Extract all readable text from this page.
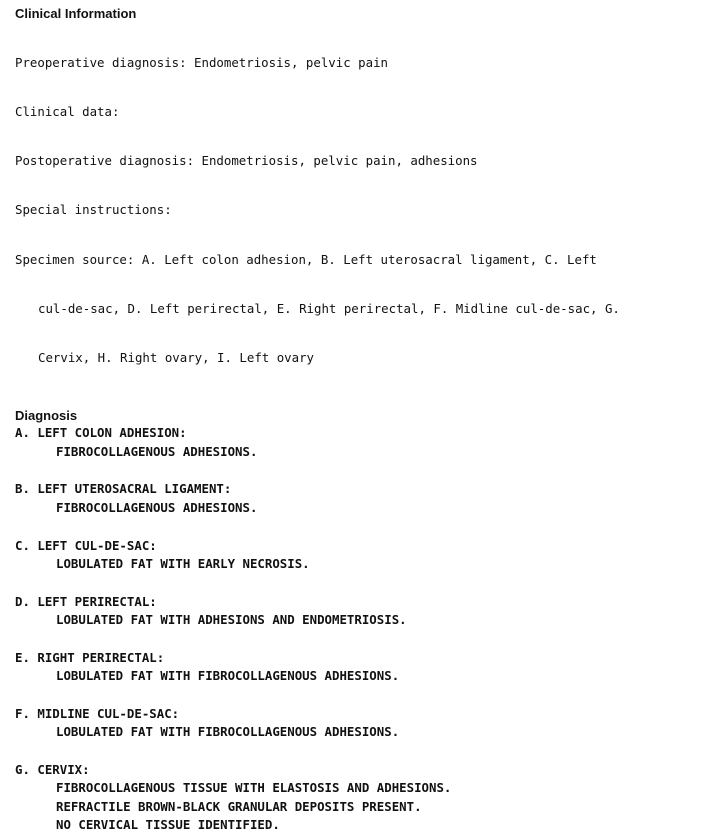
Clinical Information

Preoperative diagnosis: Endometriosis, pelvic pain

Clinical data:

Postoperative diagnosis: Endometriosis, pelvic pain, adhesions

Special instructions:

Specimen source: A. Left colon adhesion, B. Left uterosacral ligament, C. Left

cul-de-sac, D. Left perirectal, E. Right perirectal, F. Midline cul-de-sac, G.

Cervix, H. Right ovary, I. Left ovary

Diagnosis
A. LEFT COLON ADHESION:
FIBROCOLLAGENOUS ADHESIONS.
B. LEFT UTEROSACRAL LIGAMENT:
FIBROCOLLAGENOUS ADHESIONS.
C. LEFT CUL-DE-SAC:
LOBULATED FAT WITH EARLY NECROSIS.
D. LEFT PERIRECTAL:
LOBULATED FAT WITH ADHESIONS AND ENDOMETRIOSIS.
E. RIGHT PERIRECTAL:
LOBULATED FAT WITH FIBROCOLLAGENOUS ADHESIONS.
F. MIDLINE CUL-DE-SAC:
LOBULATED FAT WITH FIBROCOLLAGENOUS ADHESIONS.
G. CERVIX:
FIBROCOLLAGENOUS TISSUE WITH ELASTOSIS AND ADHESIONS.
REFRACTILE BROWN-BLACK GRANULAR DEPOSITS PRESENT.
NO CERVICAL TISSUE IDENTIFIED.
